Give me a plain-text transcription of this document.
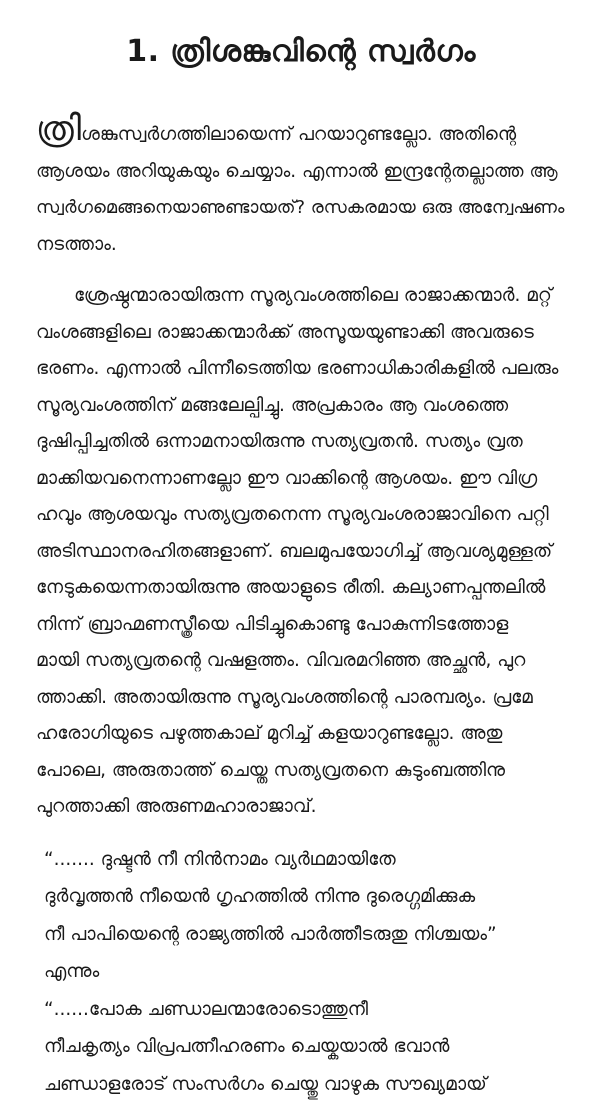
1. ത്രിശങ്കുവിന്റെ സ്വർഗം
ത്രിശങ്കുസ്വർഗത്തിലായെന്ന് പറയാറുണ്ടല്ലോ. അതിന്റെ
ആശയം അറിയുകയും ചെയ്യാം. എന്നാൽ ഇന്ദ്രന്റേതല്ലാത്ത ആ
സ്വർഗമെങ്ങനെയാണുണ്ടായത്? രസകരമായ ഒരു അന്വേഷണം
നടത്താം.
ശ്രേഷ്ഠന്മാരായിരുന്ന സൂര്യവംശത്തിലെ രാജാക്കന്മാർ. മറ്റ്
വംശങ്ങളിലെ രാജാക്കന്മാർക്ക് അസൂയയുണ്ടാക്കി അവരുടെ
ഭരണം. എന്നാൽ പിന്നീടെത്തിയ ഭരണാധികാരികളിൽ പലരും
സൂര്യവംശത്തിന് മങ്ങലേല്പിച്ചു. അപ്രകാരം ആ വംശത്തെ
ദുഷിപ്പിച്ചതിൽ ഒന്നാമനായിരുന്നു സത്യവ്രതൻ. സത്യം വ്രത
മാക്കിയവനെന്നാണല്ലോ ഈ വാക്കിന്റെ ആശയം. ഈ വിഗ്ര
ഹവും ആശയവും സത്യവ്രതനെന്ന സൂര്യവംശരാജാവിനെ പറ്റി
അടിസ്ഥാനരഹിതങ്ങളാണ്. ബലമുപയോഗിച്ച് ആവശ്യമുള്ളത്
നേടുകയെന്നതായിരുന്നു അയാളുടെ രീതി. കല്യാണപ്പന്തലിൽ
നിന്ന് ബ്രാഹ്മണസ്ത്രീയെ പിടിച്ചുകൊണ്ടു പോകുന്നിടത്തോള
മായി സത്യവ്രതന്റെ വഷളത്തം. വിവരമറിഞ്ഞ അച്ഛൻ, പുറ
ത്താക്കി. അതായിരുന്നു സൂര്യവംശത്തിന്റെ പാരമ്പര്യം. പ്രമേ
ഹരോഗിയുടെ പഴുത്തകാല് മുറിച്ച് കളയാറുണ്ടല്ലോ. അതു
പോലെ, അരുതാത്ത് ചെയ്ത സത്യവ്രതനെ കുടുംബത്തിനു
പുറത്താക്കി അരുണമഹാരാജാവ്.
“....... ദുഷ്ടൻ നീ നിൻനാമം വ്യർഥമായിതേ
ദുർവൃത്തൻ നീയെൻ ഗൃഹത്തിൽ നിന്നു ദുരെഗ്ഗമിക്കുക
നീ പാപിയെന്റെ രാജ്യത്തിൽ പാർത്തീടരുതു നിശ്ചയം”
എന്നും
“......പോക ചണ്ഡാലന്മാരോടൊത്തുനീ
നീചകൃത്യം വിപ്രപത്നീഹരണം ചെയ്കയാൽ ഭവാൻ
ചണ്ഡാളരോട് സംസർഗം ചെയ്തു വാഴുക സൗഖ്യമായ്
